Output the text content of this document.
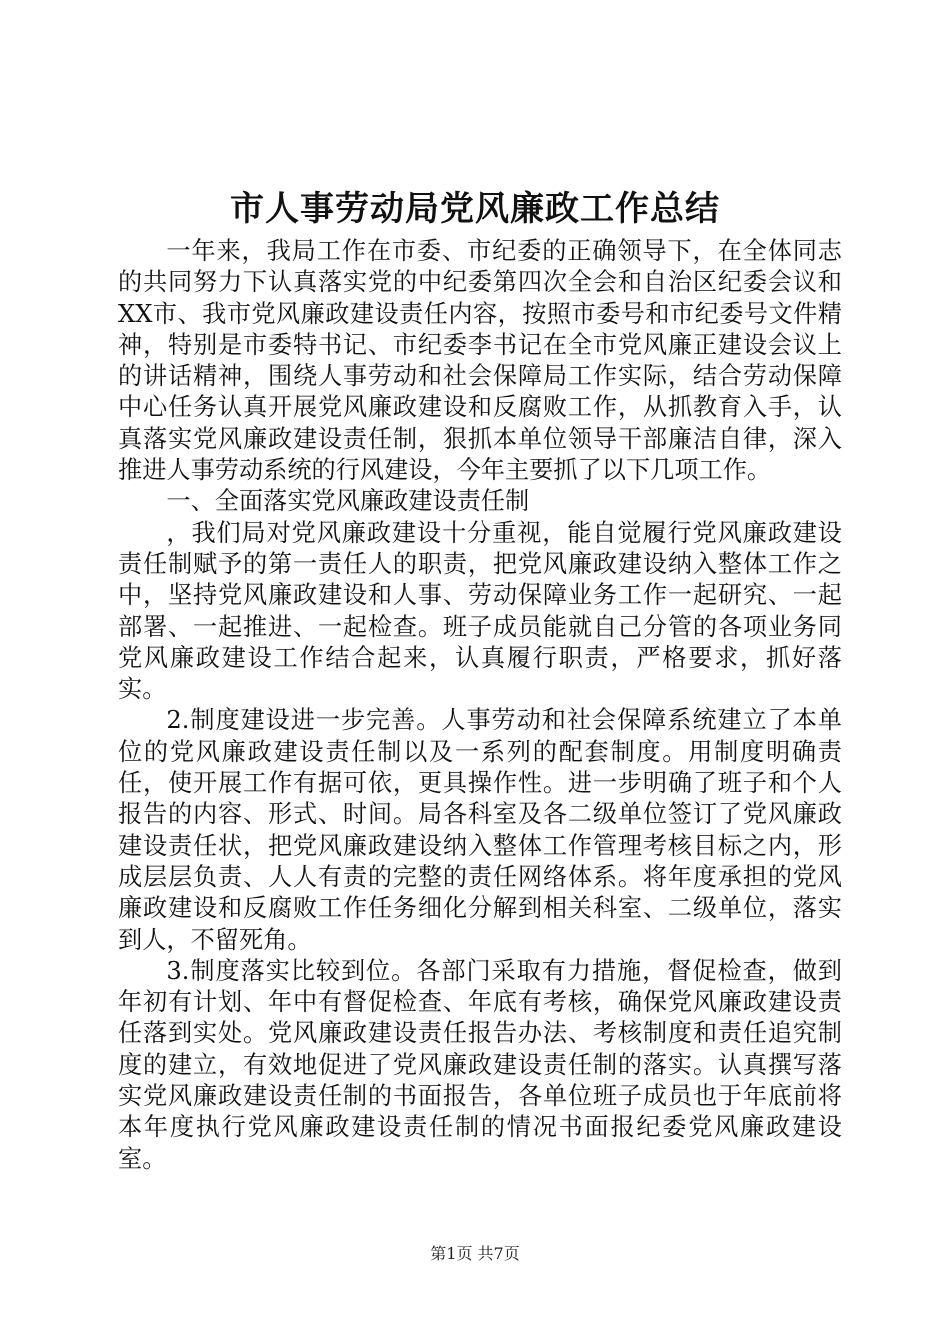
市人事劳动局党风廉政工作总结

一年来，我局工作在市委、市纪委的正确领导下，在全体同志的共同努力下认真落实党的中纪委第四次全会和自治区纪委会议和XX市、我市党风廉政建设责任内容，按照市委号和市纪委号文件精神，特别是市委特书记、市纪委李书记在全市党风廉正建设会议上的讲话精神，围绕人事劳动和社会保障局工作实际，结合劳动保障中心任务认真开展党风廉政建设和反腐败工作，从抓教育入手，认真落实党风廉政建设责任制，狠抓本单位领导干部廉洁自律，深入推进人事劳动系统的行风建设，今年主要抓了以下几项工作。

一、全面落实党风廉政建设责任制

，我们局对党风廉政建设十分重视，能自觉履行党风廉政建设责任制赋予的第一责任人的职责，把党风廉政建设纳入整体工作之中，坚持党风廉政建设和人事、劳动保障业务工作一起研究、一起部署、一起推进、一起检查。班子成员能就自己分管的各项业务同党风廉政建设工作结合起来，认真履行职责，严格要求，抓好落实。

2.制度建设进一步完善。人事劳动和社会保障系统建立了本单位的党风廉政建设责任制以及一系列的配套制度。用制度明确责任，使开展工作有据可依，更具操作性。进一步明确了班子和个人报告的内容、形式、时间。局各科室及各二级单位签订了党风廉政建设责任状，把党风廉政建设纳入整体工作管理考核目标之内，形成层层负责、人人有责的完整的责任网络体系。将年度承担的党风廉政建设和反腐败工作任务细化分解到相关科室、二级单位，落实到人，不留死角。

3.制度落实比较到位。各部门采取有力措施，督促检查，做到年初有计划、年中有督促检查、年底有考核，确保党风廉政建设责任落到实处。党风廉政建设责任报告办法、考核制度和责任追究制度的建立，有效地促进了党风廉政建设责任制的落实。认真撰写落实党风廉政建设责任制的书面报告，各单位班子成员也于年底前将本年度执行党风廉政建设责任制的情况书面报纪委党风廉政建设室。

第1页 共7页
